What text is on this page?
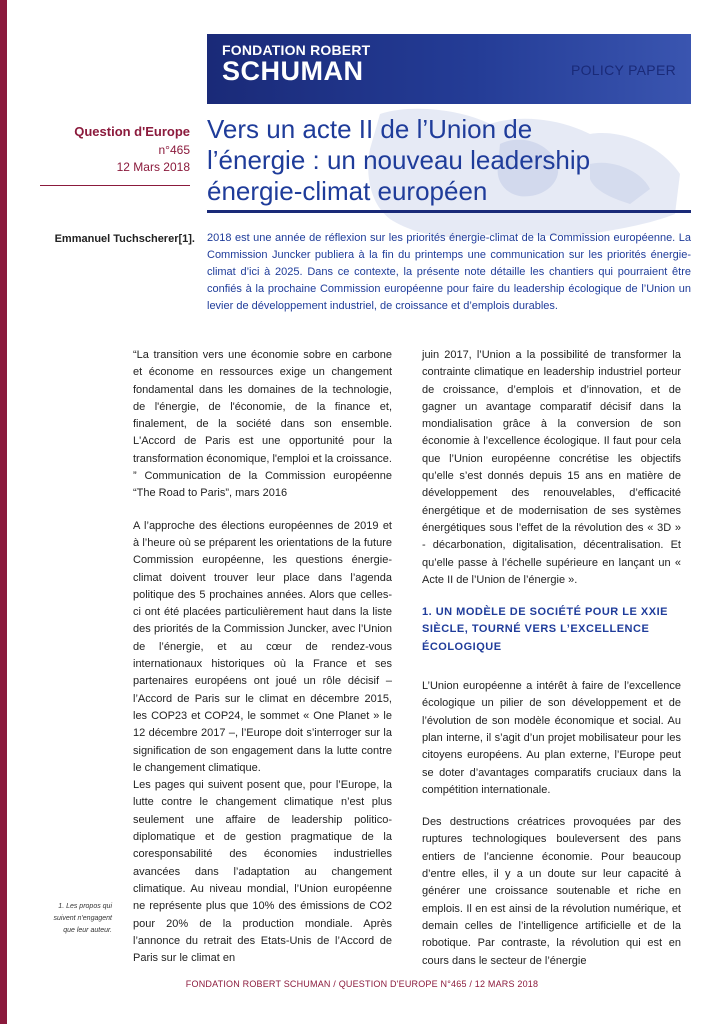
FONDATION ROBERT
SCHUMAN	POLICY PAPER
Question d'Europe
n°465
12 Mars 2018
Emmanuel Tuchscherer[1].
Vers un acte II de l’Union de
l’énergie : un nouveau leadership
énergie-climat européen
2018 est une année de réflexion sur les priorités énergie-climat de la Commission européenne. La Commission Juncker publiera à la fin du printemps une communication sur les priorités énergie-climat d’ici à 2025. Dans ce contexte, la présente note détaille les chantiers qui pourraient être confiés à la prochaine Commission européenne pour faire du leadership écologique de l’Union un levier de développement industriel, de croissance et d’emplois durables.

“La transition vers une économie sobre en carbone et économe en ressources exige un changement fondamental dans les domaines de la technologie, de l'énergie, de l'économie, de la finance et, finalement, de la société dans son ensemble. L'Accord de Paris est une opportunité pour la transformation économique, l'emploi et la croissance. ” Communication de la Commission européenne “The Road to Paris”, mars 2016

A l’approche des élections européennes de 2019 et à l’heure où se préparent les orientations de la future Commission européenne, les questions énergie-climat doivent trouver leur place dans l’agenda politique des 5 prochaines années. Alors que celles-ci ont été placées particulièrement haut dans la liste des priorités de la Commission Juncker, avec l’Union de l’énergie, et au cœur de rendez-vous internationaux historiques où la France et ses partenaires européens ont joué un rôle décisif – l’Accord de Paris sur le climat en décembre 2015, les COP23 et COP24, le sommet « One Planet » le 12 décembre 2017 –, l’Europe doit s’interroger sur la signification de son engagement dans la lutte contre le changement climatique.

Les pages qui suivent posent que, pour l’Europe, la lutte contre le changement climatique n’est plus seulement une affaire de leadership politico-diplomatique et de gestion pragmatique de la coresponsabilité des économies industrielles avancées dans l’adaptation au changement climatique. Au niveau mondial, l’Union européenne ne représente plus que 10% des émissions de CO2 pour 20% de la production mondiale. Après l’annonce du retrait des Etats-Unis de l’Accord de Paris sur le climat en

juin 2017, l’Union a la possibilité de transformer la contrainte climatique en leadership industriel porteur de croissance, d’emplois et d’innovation, et de gagner un avantage comparatif décisif dans la mondialisation grâce à la conversion de son économie à l’excellence écologique. Il faut pour cela que l’Union européenne concrétise les objectifs qu’elle s’est donnés depuis 15 ans en matière de développement des renouvelables, d’efficacité énergétique et de modernisation de ses systèmes énergétiques sous l’effet de la révolution des « 3D » - décarbonation, digitalisation, décentralisation. Et qu’elle passe à l’échelle supérieure en lançant un « Acte II de l’Union de l’énergie ».

1. UN MODÈLE DE SOCIÉTÉ POUR LE XXIE SIÈCLE, TOURNÉ VERS L’EXCELLENCE ÉCOLOGIQUE

L’Union européenne a intérêt à faire de l’excellence écologique un pilier de son développement et de l’évolution de son modèle économique et social. Au plan interne, il s’agit d’un projet mobilisateur pour les citoyens européens. Au plan externe, l’Europe peut se doter d’avantages comparatifs cruciaux dans la compétition internationale.

Des destructions créatrices provoquées par des ruptures technologiques bouleversent des pans entiers de l’ancienne économie. Pour beaucoup d’entre elles, il y a un doute sur leur capacité à générer une croissance soutenable et riche en emplois. Il en est ainsi de la révolution numérique, et demain celles de l’intelligence artificielle et de la robotique. Par contraste, la révolution qui est en cours dans le secteur de l’énergie

1. Les propos qui suivent n'engagent que leur auteur.
FONDATION ROBERT SCHUMAN / QUESTION D'EUROPE N°465 / 12 MARS 2018
